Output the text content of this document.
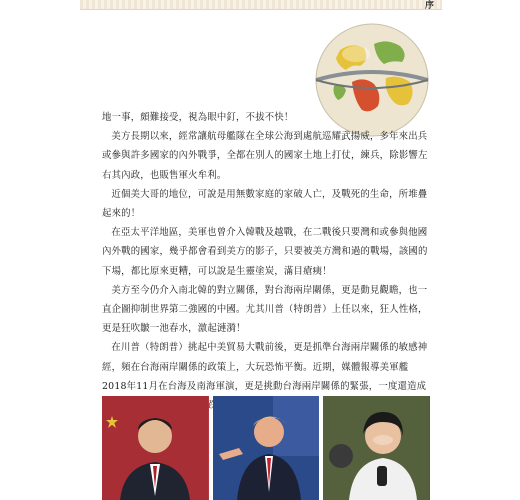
序

地一事，頗難接受，視為眼中釘，不拔不快！

美方長期以來，經常讓航母艦隊在全球公海到處航巡耀武揚威，多年來出兵或參與許多國家的內外戰爭，全都在別人的國家土地上打仗，練兵，除影響左右其內政，也販售軍火牟利。

近個美大哥的地位，可說是用無數家庭的家破人亡，及戰死的生命，所堆疊起來的！

在亞太平洋地區，美軍也曾介入韓戰及越戰，在二戰後只要灣和或參與他國內外戰的國家，幾乎都會看到美方的影子，只要被美方灣和過的戰場，該國的下場，都比原來更糟，可以說是生靈塗炭，滿目瘡痍！

美方至今仍介入南北韓的對立關係，對台海兩岸關係，更是動見觀瞻，也一直企圖抑制世界第二強國的中國。尤其川普（特朗普）上任以來，狂人性格，更是狂吹皺一池春水，激起漣漪！

在川普（特朗普）挑起中美貿易大戰前後，更是抓準台海兩岸關係的敏感神經，頻在台海兩岸關係的政策上，大玩恐怖平衡。近期，媒體報導美軍艦2018年11月在台海及南海軍演，更是挑動台海兩岸關係的緊張，一度還造成
